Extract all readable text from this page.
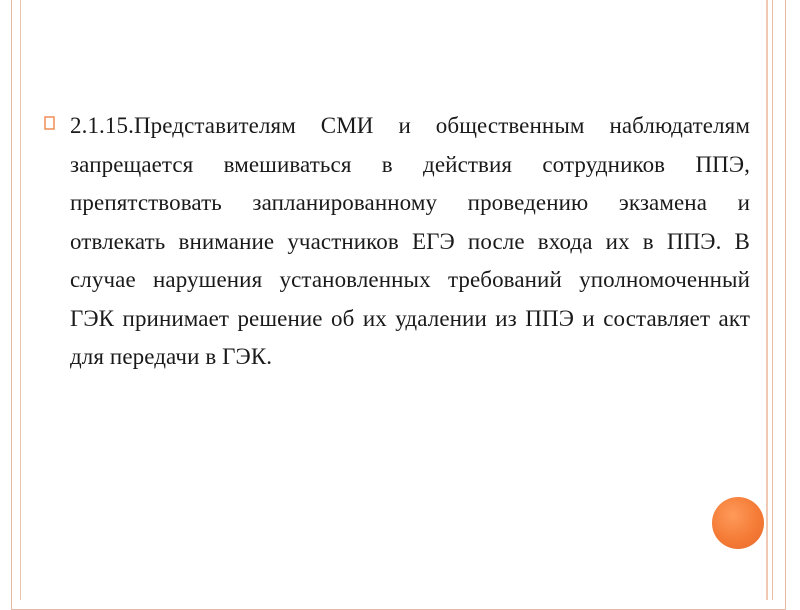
2.1.15.Представителям СМИ и общественным наблюдателям запрещается вмешиваться в действия сотрудников ППЭ, препятствовать запланированному проведению экзамена и отвлекать внимание участников ЕГЭ после входа их в ППЭ. В случае нарушения установленных требований уполномоченный ГЭК принимает решение об их удалении из ППЭ и составляет акт для передачи в ГЭК.
